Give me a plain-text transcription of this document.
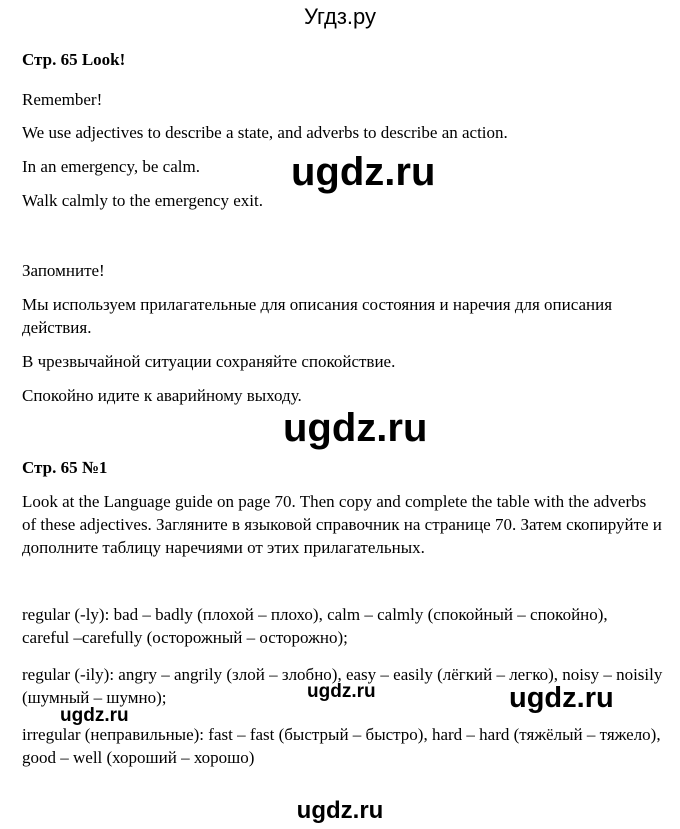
Угдз.ру

Стр. 65 Look!

Remember!

We use adjectives to describe a state, and adverbs to describe an action.

In an emergency, be calm.

Walk calmly to the emergency exit.

Запомните!

Мы используем прилагательные для описания состояния и наречия для описания действия.

В чрезвычайной ситуации сохраняйте спокойствие.

Спокойно идите к аварийному выходу.

Стр. 65 №1

Look at the Language guide on page 70. Then copy and complete the table with the adverbs of these adjectives. Загляните в языковой справочник на странице 70. Затем скопируйте и дополните таблицу наречиями от этих прилагательных.

regular (-ly): bad – badly (плохой – плохо), calm – calmly (спокойный – спокойно), careful –carefully (осторожный – осторожно);

regular (-ily): angry – angrily (злой – злобно), easy – easily (лёгкий – легко), noisy – noisily (шумный – шумно);

irregular (неправильные): fast – fast (быстрый – быстро), hard – hard (тяжёлый – тяжело), good – well (хороший – хорошо)

ugdz.ru
ugdz.ru
ugdz.ru
ugdz.ru
ugdz.ru
ugdz.ru
